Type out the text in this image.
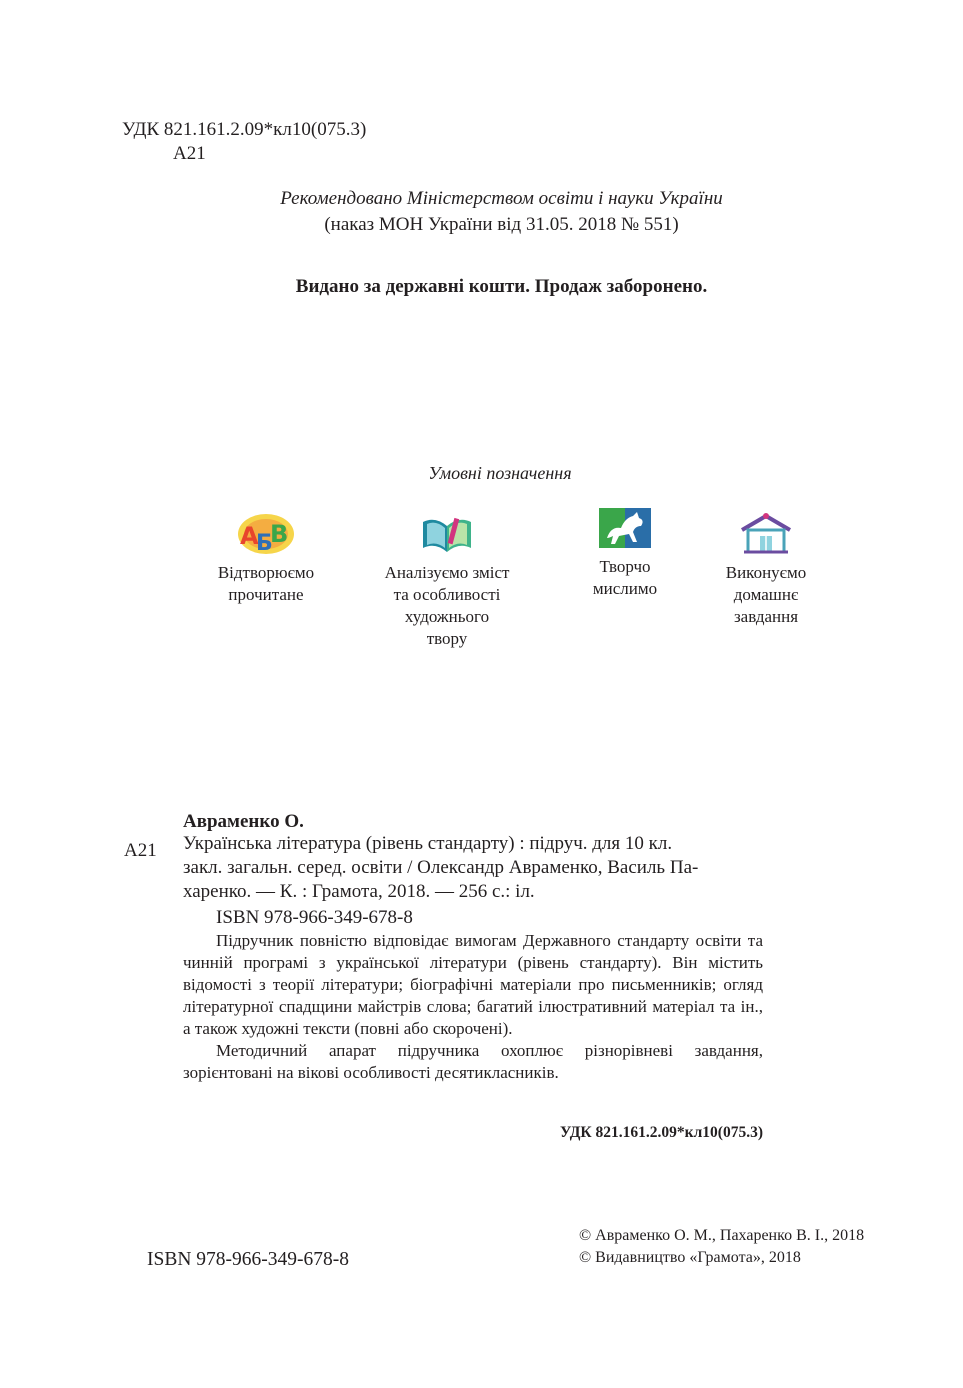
УДК 821.161.2.09*кл10(075.3)
А21
Рекомендовано Міністерством освіти і науки України
(наказ МОН України від 31.05. 2018 № 551)
Видано за державні кошти. Продаж заборонено.
Умовні позначення
А
Б
В
Відтворюємо
прочитане
Аналізуємо зміст
та особливості
художнього
твору
Творчо
мислимо
Виконуємо
домашнє
завдання
Авраменко О.
А21 Українська література (рівень стандарту) : підруч. для 10 кл.
закл. загальн. серед. освіти / Олександр Авраменко, Василь Па-
харенко. — К. : Грамота, 2018. — 256 с.: іл.
ISBN 978-966-349-678-8

Підручник повністю відповідає вимогам Державного стандарту освіти та чинній програмі з української літератури (рівень стандарту). Він містить відомості з теорії літератури; біографічні матеріали про письменників; огляд літературної спадщини майстрів слова; багатий ілюстративний матеріал та ін., а також художні тексти (повні або скорочені).

Методичний апарат підручника охоплює різнорівневі завдання, зорієнтовані на вікові особливості десятикласників.

УДК 821.161.2.09*кл10(075.3)
© Авраменко О. М., Пахаренко В. І., 2018
© Видавництво «Грамота», 2018
ISBN 978-966-349-678-8
